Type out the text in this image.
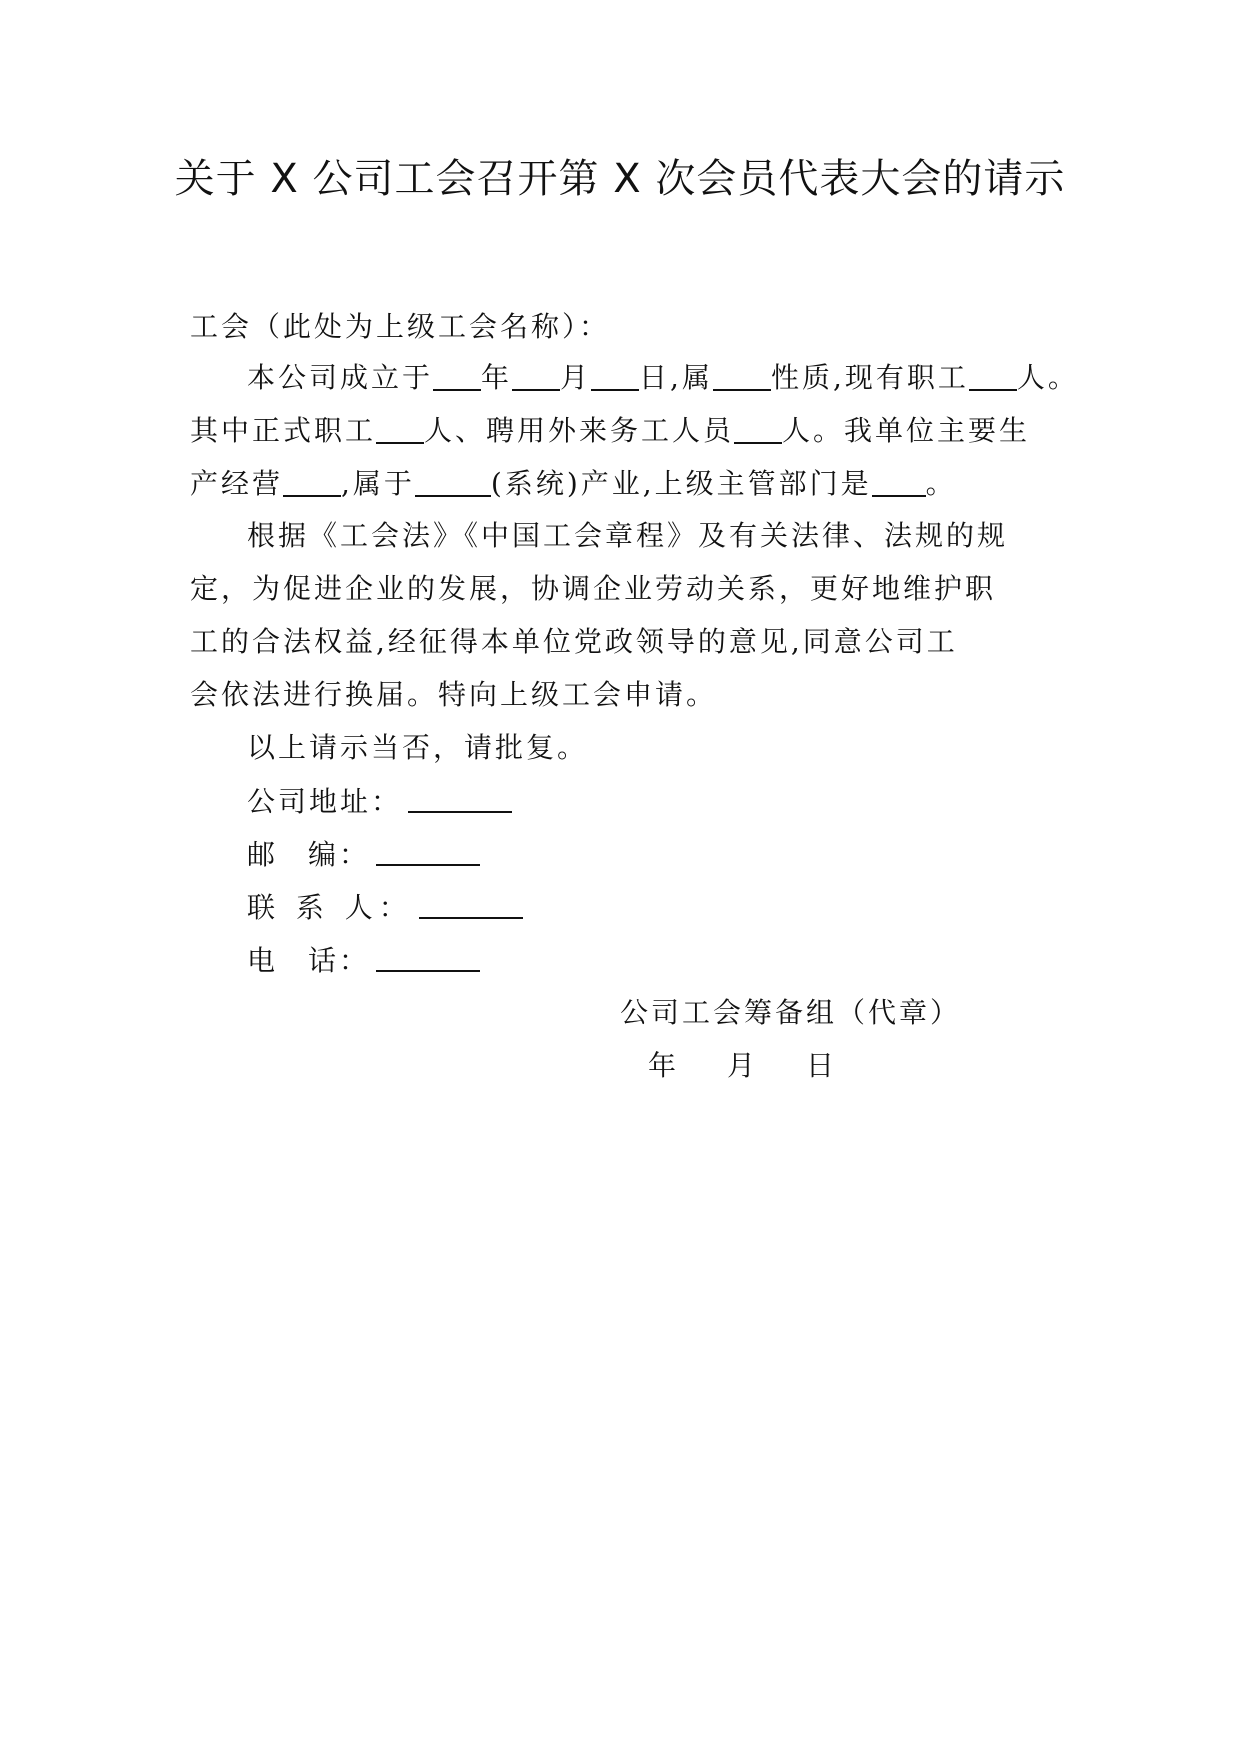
关于 X 公司工会召开第 X 次会员代表大会的请示
工会（此处为上级工会名称）：
本公司成立于 年 月 日,属 性质,现有职工 人。
其中正式职工 人、聘用外来务工人员 人。我单位主要生
产经营 ,属于	(系统)产业,上级主管部门是 。
根据《工会法》《中国工会章程》及有关法律、法规的规
定，为促进企业的发展，协调企业劳动关系，更好地维护职
工的合法权益,经征得本单位党政领导的意见,同意公司工
会依法进行换届。特向上级工会申请。
以上请示当否，请批复。
公司地址：
邮 编：
联 系 人：
电 话：
公司工会筹备组（代章）
年 月 日
